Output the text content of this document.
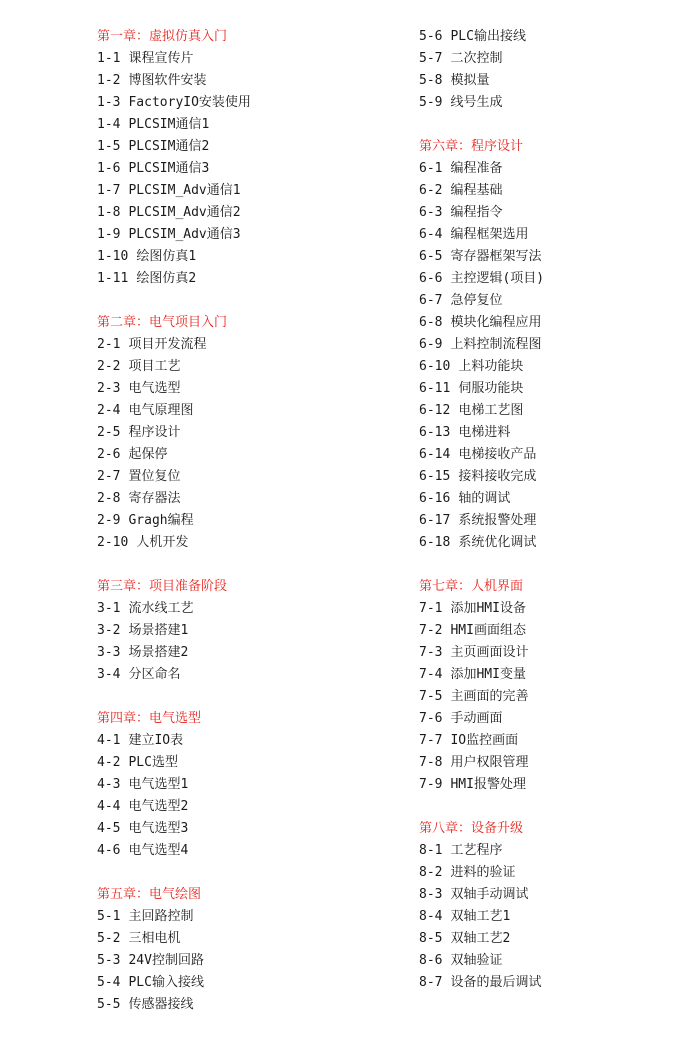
第一章：虚拟仿真入门
1-1 课程宣传片
1-2 博图软件安装
1-3 FactoryIO安装使用
1-4 PLCSIM通信1
1-5 PLCSIM通信2
1-6 PLCSIM通信3
1-7 PLCSIM_Adv通信1
1-8 PLCSIM_Adv通信2
1-9 PLCSIM_Adv通信3
1-10 绘图仿真1
1-11 绘图仿真2
第二章：电气项目入门
2-1 项目开发流程
2-2 项目工艺
2-3 电气选型
2-4 电气原理图
2-5 程序设计
2-6 起保停
2-7 置位复位
2-8 寄存器法
2-9 Gragh编程
2-10 人机开发
第三章：项目准备阶段
3-1 流水线工艺
3-2 场景搭建1
3-3 场景搭建2
3-4 分区命名
第四章：电气选型
4-1 建立IO表
4-2 PLC选型
4-3 电气选型1
4-4 电气选型2
4-5 电气选型3
4-6 电气选型4
第五章：电气绘图
5-1 主回路控制
5-2 三相电机
5-3 24V控制回路
5-4 PLC输入接线
5-5 传感器接线
5-6 PLC输出接线
5-7 二次控制
5-8 模拟量
5-9 线号生成
第六章：程序设计
6-1 编程准备
6-2 编程基础
6-3 编程指令
6-4 编程框架选用
6-5 寄存器框架写法
6-6 主控逻辑(项目)
6-7 急停复位
6-8 模块化编程应用
6-9 上料控制流程图
6-10 上料功能块
6-11 伺服功能块
6-12 电梯工艺图
6-13 电梯进料
6-14 电梯接收产品
6-15 接料接收完成
6-16 轴的调试
6-17 系统报警处理
6-18 系统优化调试
第七章：人机界面
7-1 添加HMI设备
7-2 HMI画面组态
7-3 主页画面设计
7-4 添加HMI变量
7-5 主画面的完善
7-6 手动画面
7-7 IO监控画面
7-8 用户权限管理
7-9 HMI报警处理
第八章：设备升级
8-1 工艺程序
8-2 进料的验证
8-3 双轴手动调试
8-4 双轴工艺1
8-5 双轴工艺2
8-6 双轴验证
8-7 设备的最后调试
